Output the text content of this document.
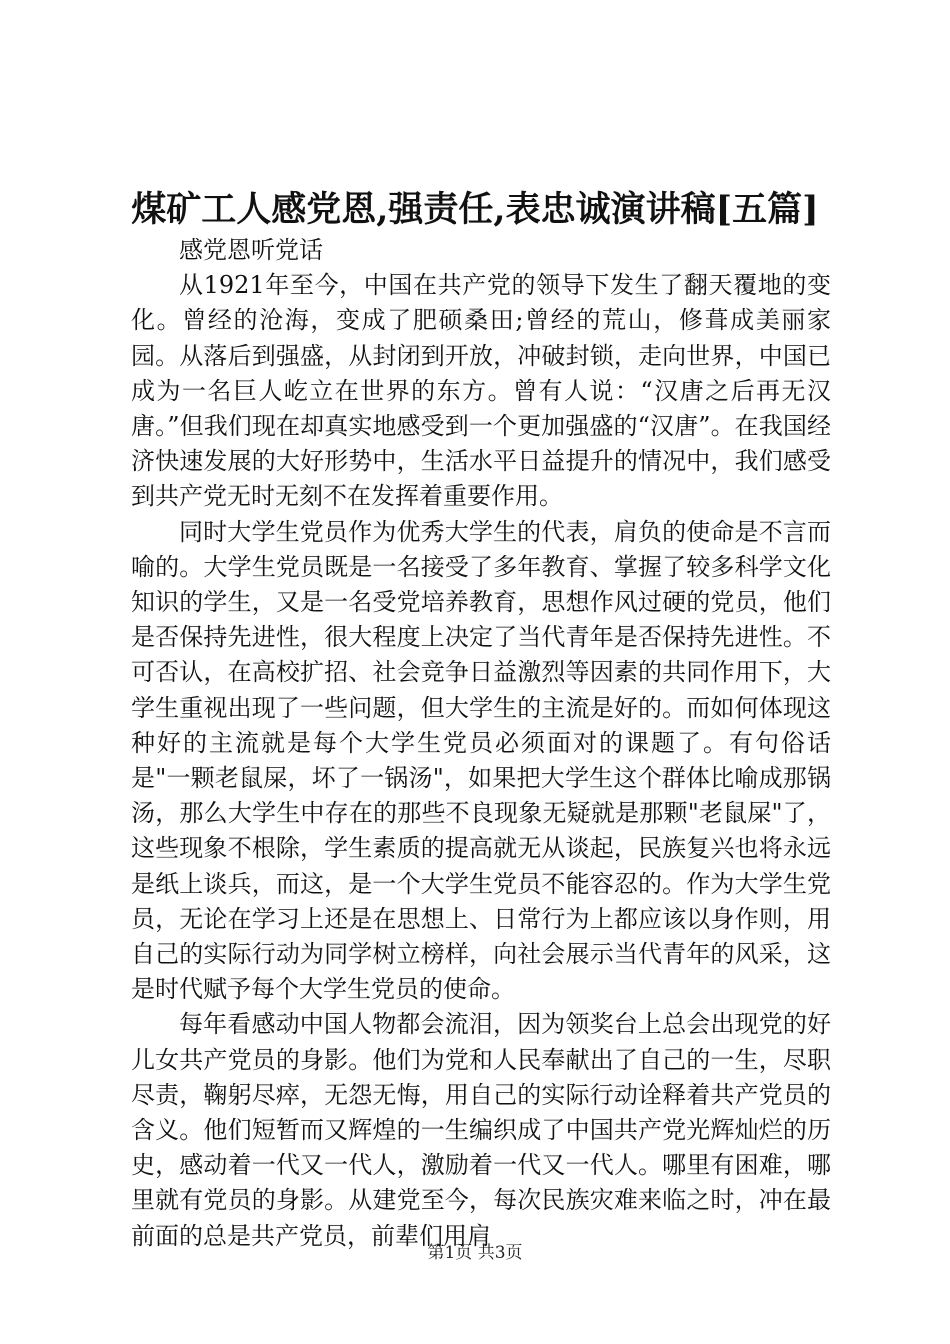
煤矿工人感党恩,强责任,表忠诚演讲稿[五篇]
感党恩听党话

从1921年至今，中国在共产党的领导下发生了翻天覆地的变化。曾经的沧海，变成了肥硕桑田;曾经的荒山，修葺成美丽家园。从落后到强盛，从封闭到开放，冲破封锁，走向世界，中国已成为一名巨人屹立在世界的东方。曾有人说：“汉唐之后再无汉唐。”但我们现在却真实地感受到一个更加强盛的“汉唐”。在我国经济快速发展的大好形势中，生活水平日益提升的情况中，我们感受到共产党无时无刻不在发挥着重要作用。

同时大学生党员作为优秀大学生的代表，肩负的使命是不言而喻的。大学生党员既是一名接受了多年教育、掌握了较多科学文化知识的学生，又是一名受党培养教育，思想作风过硬的党员，他们是否保持先进性，很大程度上决定了当代青年是否保持先进性。不可否认，在高校扩招、社会竞争日益激烈等因素的共同作用下，大学生重视出现了一些问题，但大学生的主流是好的。而如何体现这种好的主流就是每个大学生党员必须面对的课题了。有句俗话是"一颗老鼠屎，坏了一锅汤"，如果把大学生这个群体比喻成那锅汤，那么大学生中存在的那些不良现象无疑就是那颗"老鼠屎"了，这些现象不根除，学生素质的提高就无从谈起，民族复兴也将永远是纸上谈兵，而这，是一个大学生党员不能容忍的。作为大学生党员，无论在学习上还是在思想上、日常行为上都应该以身作则，用自己的实际行动为同学树立榜样，向社会展示当代青年的风采，这是时代赋予每个大学生党员的使命。

每年看感动中国人物都会流泪，因为领奖台上总会出现党的好儿女共产党员的身影。他们为党和人民奉献出了自己的一生，尽职尽责，鞠躬尽瘁，无怨无悔，用自己的实际行动诠释着共产党员的含义。他们短暂而又辉煌的一生编织成了中国共产党光辉灿烂的历史，感动着一代又一代人，激励着一代又一代人。哪里有困难，哪里就有党员的身影。从建党至今，每次民族灾难来临之时，冲在最前面的总是共产党员，前辈们用肩

第1页 共3页
